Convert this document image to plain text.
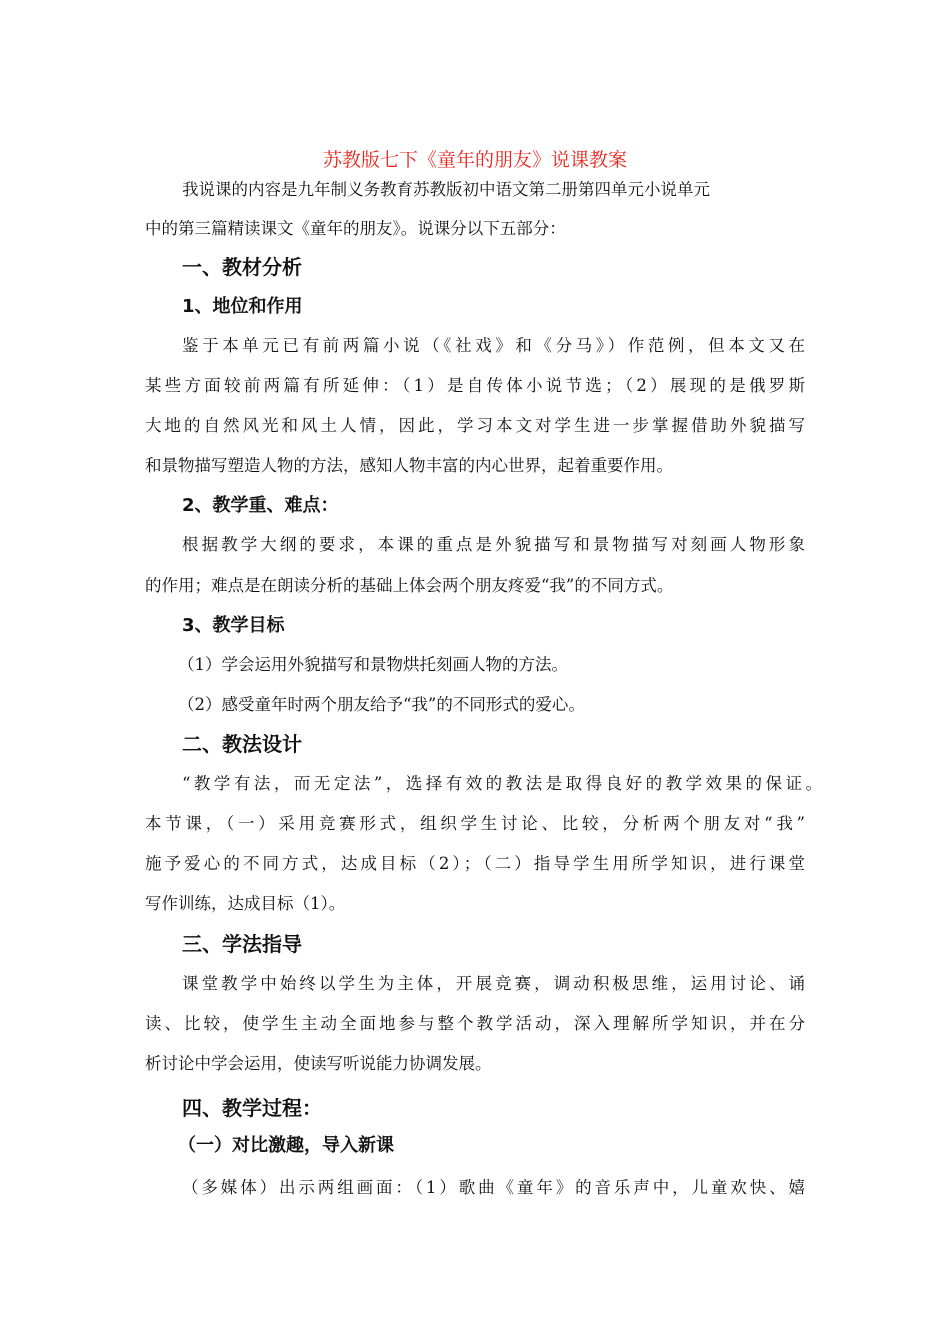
苏教版七下《童年的朋友》说课教案
我说课的内容是九年制义务教育苏教版初中语文第二册第四单元小说单元
中的第三篇精读课文《童年的朋友》。说课分以下五部分：
一、教材分析
1、地位和作用
鉴于本单元已有前两篇小说（《社戏》和《分马》）作范例，但本文又在
某些方面较前两篇有所延伸：（1）是自传体小说节选；（2）展现的是俄罗斯
大地的自然风光和风土人情，因此，学习本文对学生进一步掌握借助外貌描写
和景物描写塑造人物的方法，感知人物丰富的内心世界，起着重要作用。
2、教学重、难点：
根据教学大纲的要求，本课的重点是外貌描写和景物描写对刻画人物形象
的作用；难点是在朗读分析的基础上体会两个朋友疼爱“我”的不同方式。
3、教学目标
（1）学会运用外貌描写和景物烘托刻画人物的方法。
（2）感受童年时两个朋友给予“我”的不同形式的爱心。
二、教法设计
“教学有法，而无定法”，选择有效的教法是取得良好的教学效果的保证。
本节课，（一）采用竞赛形式，组织学生讨论、比较，分析两个朋友对“我”
施予爱心的不同方式，达成目标（2）；（二）指导学生用所学知识，进行课堂
写作训练，达成目标（1）。
三、学法指导
课堂教学中始终以学生为主体，开展竞赛，调动积极思维，运用讨论、诵
读、比较，使学生主动全面地参与整个教学活动，深入理解所学知识，并在分
析讨论中学会运用，使读写听说能力协调发展。
四、教学过程：
（一）对比激趣，导入新课
（多媒体）出示两组画面：（1）歌曲《童年》的音乐声中，儿童欢快、嬉
